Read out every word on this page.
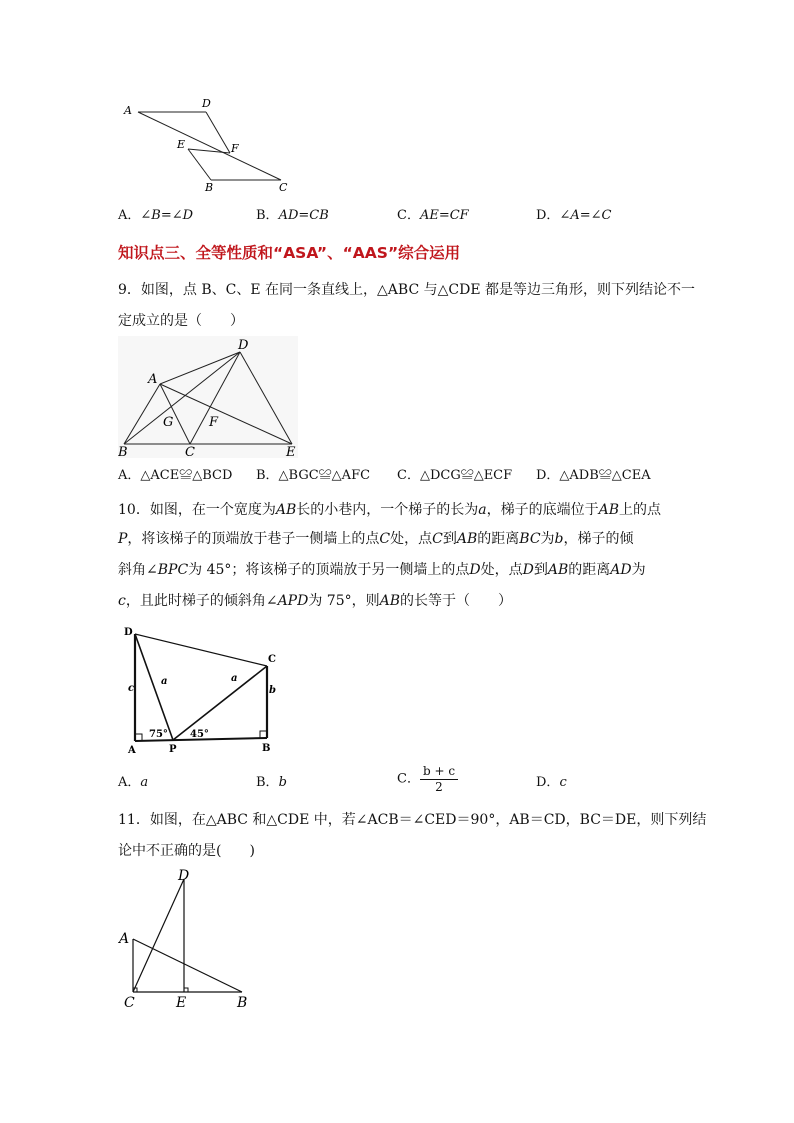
A
D
E	F
B	C
A．∠B=∠D	B．AD=CB	C．AE=CF	D．∠A=∠C
知识点三、全等性质和“ASA”、“AAS”综合运用
9．如图，点 B、C、E 在同一条直线上，△ABC 与△CDE 都是等边三角形，则下列结论不一
定成立的是（　　）
D
A
G	F
B	C	E
A．△ACE≌△BCD B．△BGC≌△AFC C．△DCG≌△ECF D．△ADB≌△CEA
10．如图，在一个宽度为AB长的小巷内，一个梯子的长为a，梯子的底端位于AB上的点
P，将该梯子的顶端放于巷子一侧墙上的点C处，点C到AB的距离BC为b，梯子的倾
斜角∠BPC为 45°；将该梯子的顶端放于另一侧墙上的点D处，点D到AB的距离AD为
c，且此时梯子的倾斜角∠APD为 75°，则AB的长等于（　　）
D
C
c
a	a
b
75° 45°
A	P	B
A．a	B．b	C． $\frac{b + c}{2}$	D．c
11．如图，在△ABC 和△CDE 中，若∠ACB＝∠CED＝90°，AB＝CD，BC＝DE，则下列结
论中不正确的是(　　)
D
A
C	E	B
